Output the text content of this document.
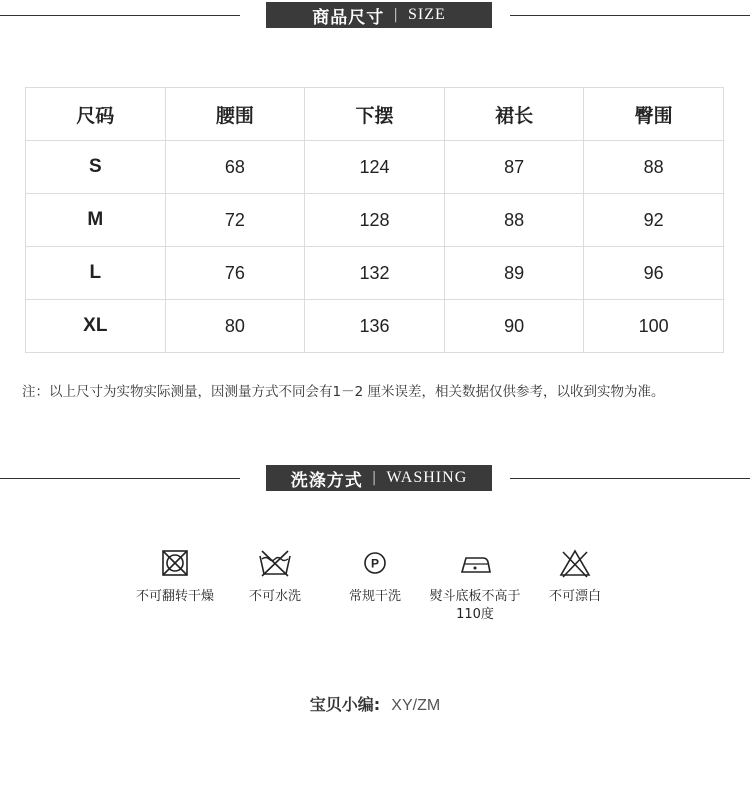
商品尺寸 | SIZE
尺码	腰围	下摆	裙长	臀围
S	68	124	87	88
M	72	128	88	92
L	76	132	89	96
XL	80	136	90	100
注：以上尺寸为实物实际测量，因测量方式不同会有1－2 厘米误差，相关数据仅供参考，以收到实物为准。
洗涤方式 | WASHING
不可翻转干燥	不可水洗
P
常规干洗	熨斗底板不高于110度
不可漂白
宝贝小编: XY/ZM
